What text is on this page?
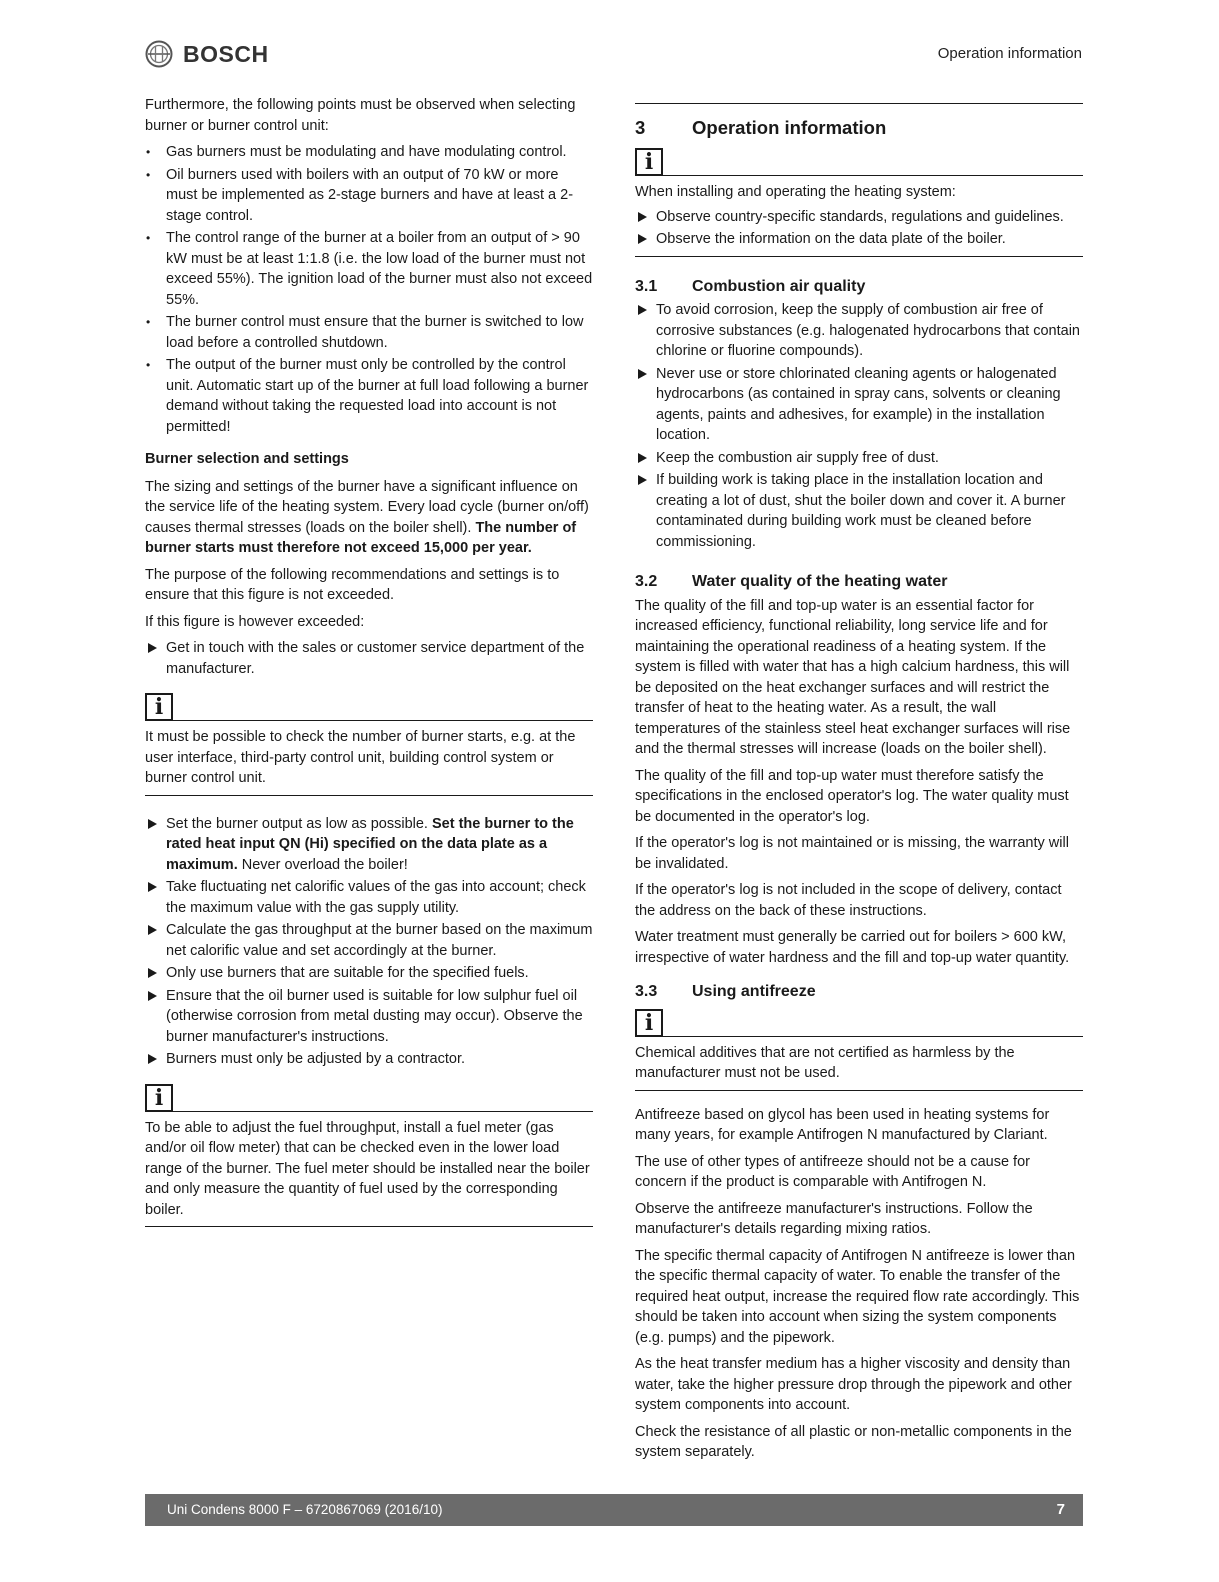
BOSCH	Operation information

Furthermore, the following points must be observed when selecting burner or burner control unit:

• Gas burners must be modulating and have modulating control.
• Oil burners used with boilers with an output of 70 kW or more must be implemented as 2-stage burners and have at least a 2-stage control.
• The control range of the burner at a boiler from an output of > 90 kW must be at least 1:1.8 (i.e. the low load of the burner must not exceed 55%). The ignition load of the burner must also not exceed 55%.
• The burner control must ensure that the burner is switched to low load before a controlled shutdown.
• The output of the burner must only be controlled by the control unit. Automatic start up of the burner at full load following a burner demand without taking the requested load into account is not permitted!
Burner selection and settings

The sizing and settings of the burner have a significant influence on the service life of the heating system. Every load cycle (burner on/off) causes thermal stresses (loads on the boiler shell). The number of burner starts must therefore not exceed 15,000 per year.

The purpose of the following recommendations and settings is to ensure that this figure is not exceeded.

If this figure is however exceeded:

Get in touch with the sales or customer service department of the manufacturer.
i

It must be possible to check the number of burner starts, e.g. at the user interface, third-party control unit, building control system or burner control unit.

Set the burner output as low as possible. Set the burner to the rated heat input QN (Hi) specified on the data plate as a maximum. Never overload the boiler!
Take fluctuating net calorific values of the gas into account; check the maximum value with the gas supply utility.
Calculate the gas throughput at the burner based on the maximum net calorific value and set accordingly at the burner.
Only use burners that are suitable for the specified fuels.
Ensure that the oil burner used is suitable for low sulphur fuel oil (otherwise corrosion from metal dusting may occur). Observe the burner manufacturer's instructions.
Burners must only be adjusted by a contractor.
i

To be able to adjust the fuel throughput, install a fuel meter (gas and/or oil flow meter) that can be checked even in the lower load range of the burner. The fuel meter should be installed near the boiler and only measure the quantity of fuel used by the corresponding boiler.

3	Operation information
i

When installing and operating the heating system:

Observe country-specific standards, regulations and guidelines.
Observe the information on the data plate of the boiler.
3.1	Combustion air quality
To avoid corrosion, keep the supply of combustion air free of corrosive substances (e.g. halogenated hydrocarbons that contain chlorine or fluorine compounds).
Never use or store chlorinated cleaning agents or halogenated hydrocarbons (as contained in spray cans, solvents or cleaning agents, paints and adhesives, for example) in the installation location.
Keep the combustion air supply free of dust.
If building work is taking place in the installation location and creating a lot of dust, shut the boiler down and cover it. A burner contaminated during building work must be cleaned before commissioning.
3.2	Water quality of the heating water

The quality of the fill and top-up water is an essential factor for increased efficiency, functional reliability, long service life and for maintaining the operational readiness of a heating system. If the system is filled with water that has a high calcium hardness, this will be deposited on the heat exchanger surfaces and will restrict the transfer of heat to the heating water. As a result, the wall temperatures of the stainless steel heat exchanger surfaces will rise and the thermal stresses will increase (loads on the boiler shell).

The quality of the fill and top-up water must therefore satisfy the specifications in the enclosed operator's log. The water quality must be documented in the operator's log.

If the operator's log is not maintained or is missing, the warranty will be invalidated.

If the operator's log is not included in the scope of delivery, contact the address on the back of these instructions.

Water treatment must generally be carried out for boilers > 600 kW, irrespective of water hardness and the fill and top-up water quantity.

3.3	Using antifreeze
i

Chemical additives that are not certified as harmless by the manufacturer must not be used.

Antifreeze based on glycol has been used in heating systems for many years, for example Antifrogen N manufactured by Clariant.

The use of other types of antifreeze should not be a cause for concern if the product is comparable with Antifrogen N.

Observe the antifreeze manufacturer's instructions. Follow the manufacturer's details regarding mixing ratios.

The specific thermal capacity of Antifrogen N antifreeze is lower than the specific thermal capacity of water. To enable the transfer of the required heat output, increase the required flow rate accordingly. This should be taken into account when sizing the system components (e.g. pumps) and the pipework.

As the heat transfer medium has a higher viscosity and density than water, take the higher pressure drop through the pipework and other system components into account.

Check the resistance of all plastic or non-metallic components in the system separately.

Uni Condens 8000 F – 6720867069 (2016/10)	7
